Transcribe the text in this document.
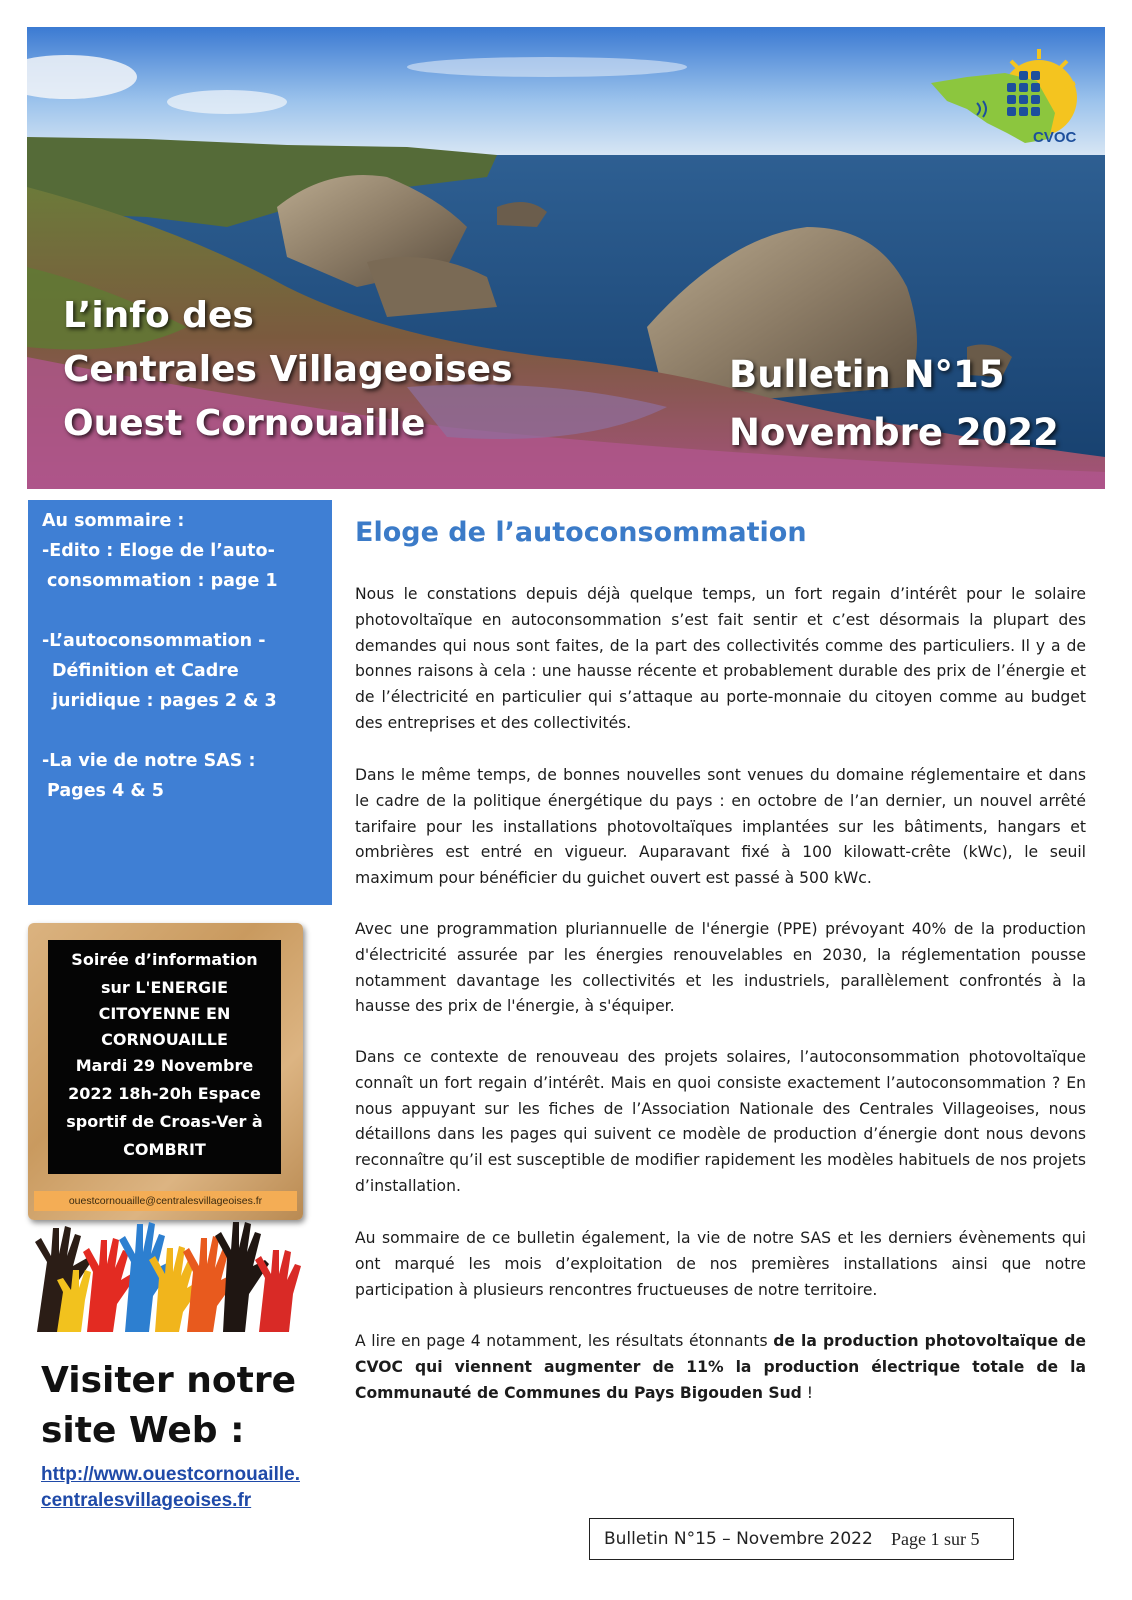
CVOC
L’info des
Centrales Villageoises
Ouest Cornouaille
Bulletin N°15
Novembre 2022
Au sommaire :
-Edito : Eloge de l’auto-
consommation : page 1
-L’autoconsommation -
Définition et Cadre
juridique : pages 2 & 3
-La vie de notre SAS :
Pages 4 & 5
Soirée d’information
sur L'ENERGIE
CITOYENNE EN
CORNOUAILLE
Mardi 29 Novembre
2022 18h-20h Espace
sportif de Croas-Ver à
COMBRIT
ouestcornouaille@centralesvillageoises.fr
Visiter notre
site Web :
http://www.ouestcornouaille.
centralesvillageoises.fr
Eloge de l’autoconsommation
Nous le constations depuis déjà quelque temps, un fort regain d’intérêt pour le solaire photovoltaïque en autoconsommation s’est fait sentir et c’est désormais la plupart des demandes qui nous sont faites, de la part des collectivités comme des particuliers. Il y a de bonnes raisons à cela : une hausse récente et probablement durable des prix de l’énergie et de l’électricité en particulier qui s’attaque au porte-monnaie du citoyen comme au budget des entreprises et des collectivités.
Dans le même temps, de bonnes nouvelles sont venues du domaine réglementaire et dans le cadre de la politique énergétique du pays : en octobre de l’an dernier, un nouvel arrêté tarifaire pour les installations photovoltaïques implantées sur les bâtiments, hangars et ombrières est entré en vigueur. Auparavant fixé à 100 kilowatt-crête (kWc), le seuil maximum pour bénéficier du guichet ouvert est passé à 500 kWc.
Avec une programmation pluriannuelle de l'énergie (PPE) prévoyant 40% de la production d'électricité assurée par les énergies renouvelables en 2030, la réglementation pousse notamment davantage les collectivités et les industriels, parallèlement confrontés à la hausse des prix de l'énergie, à s'équiper.
Dans ce contexte de renouveau des projets solaires, l’autoconsommation photovoltaïque connaît un fort regain d’intérêt. Mais en quoi consiste exactement l’autoconsommation ? En nous appuyant sur les fiches de l’Association Nationale des Centrales Villageoises, nous détaillons dans les pages qui suivent ce modèle de production d’énergie dont nous devons reconnaître qu’il est susceptible de modifier rapidement les modèles habituels de nos projets d’installation.
Au sommaire de ce bulletin également, la vie de notre SAS et les derniers évènements qui ont marqué les mois d’exploitation de nos premières installations ainsi que notre participation à plusieurs rencontres fructueuses de notre territoire.
A lire en page 4 notamment, les résultats étonnants de la production photovoltaïque de CVOC qui viennent augmenter de 11% la production électrique totale de la Communauté de Communes du Pays Bigouden Sud !
Bulletin N°15 – Novembre 2022 Page 1 sur 5
